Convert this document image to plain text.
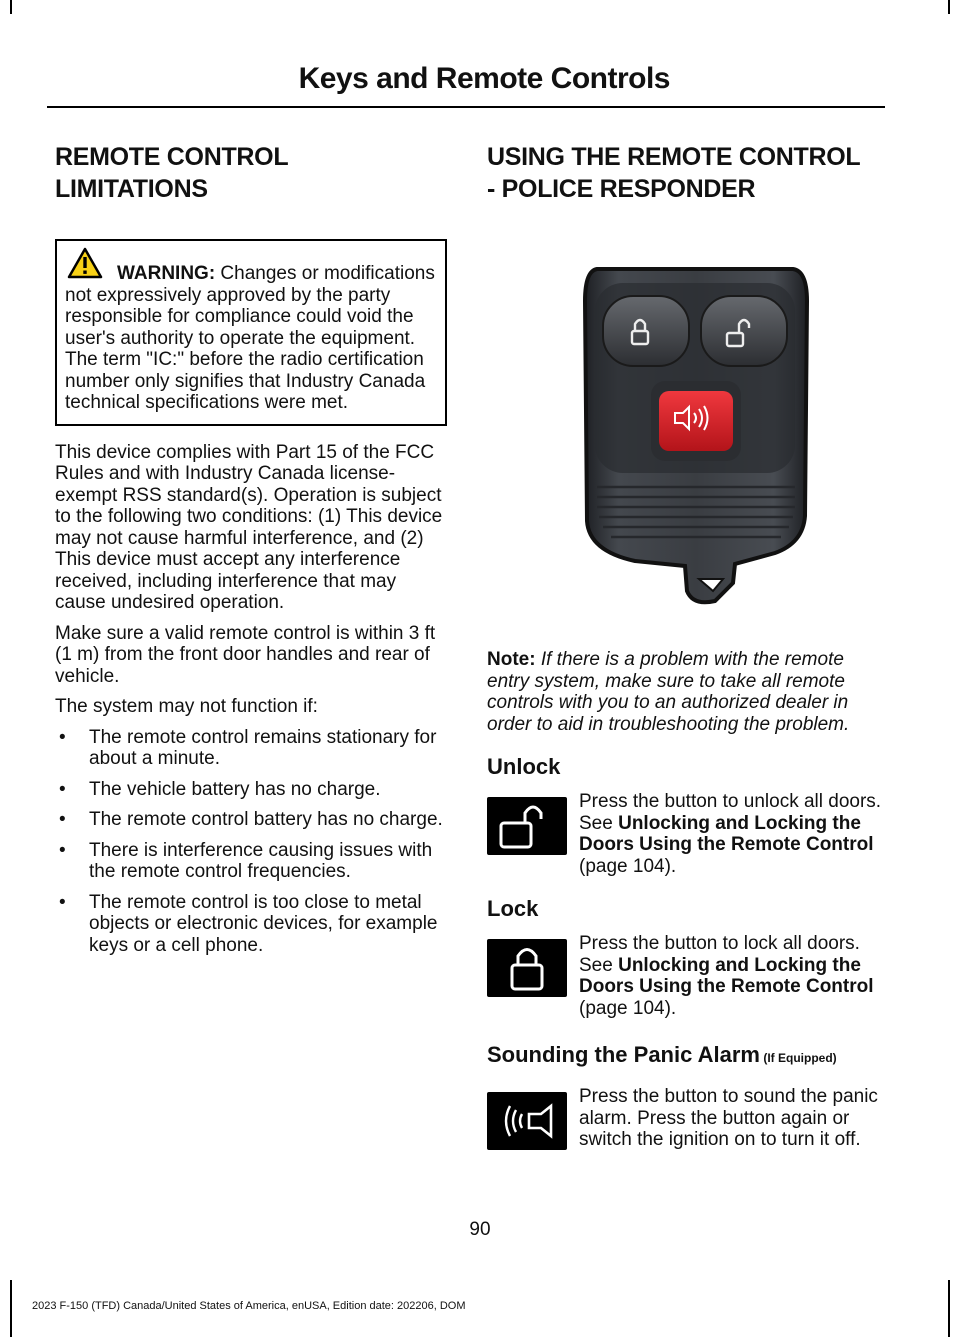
Keys and Remote Controls
REMOTE CONTROL
LIMITATIONS
WARNING: Changes or modifications not expressively approved by the party responsible for compliance could void the user's authority to operate the equipment. The term "IC:" before the radio certification number only signifies that Industry Canada technical specifications were met.

This device complies with Part 15 of the FCC Rules and with Industry Canada license-exempt RSS standard(s). Operation is subject to the following two conditions: (1) This device may not cause harmful interference, and (2) This device must accept any interference received, including interference that may cause undesired operation.

Make sure a valid remote control is within 3 ft (1 m) from the front door handles and rear of vehicle.

The system may not function if:

• The remote control remains stationary for about a minute.
• The vehicle battery has no charge.
• The remote control battery has no charge.
• There is interference causing issues with the remote control frequencies.
• The remote control is too close to metal objects or electronic devices, for example keys or a cell phone.
USING THE REMOTE CONTROL
- POLICE RESPONDER

Note: If there is a problem with the remote entry system, make sure to take all remote controls with you to an authorized dealer in order to aid in troubleshooting the problem.

Unlock
Press the button to unlock all doors. See Unlocking and Locking the Doors Using the Remote Control (page 104).
Lock
Press the button to lock all doors. See Unlocking and Locking the Doors Using the Remote Control (page 104).
Sounding the Panic Alarm (If Equipped)
Press the button to sound the panic alarm. Press the button again or switch the ignition on to turn it off.
90
2023 F-150 (TFD) Canada/United States of America, enUSA, Edition date: 202206, DOM
